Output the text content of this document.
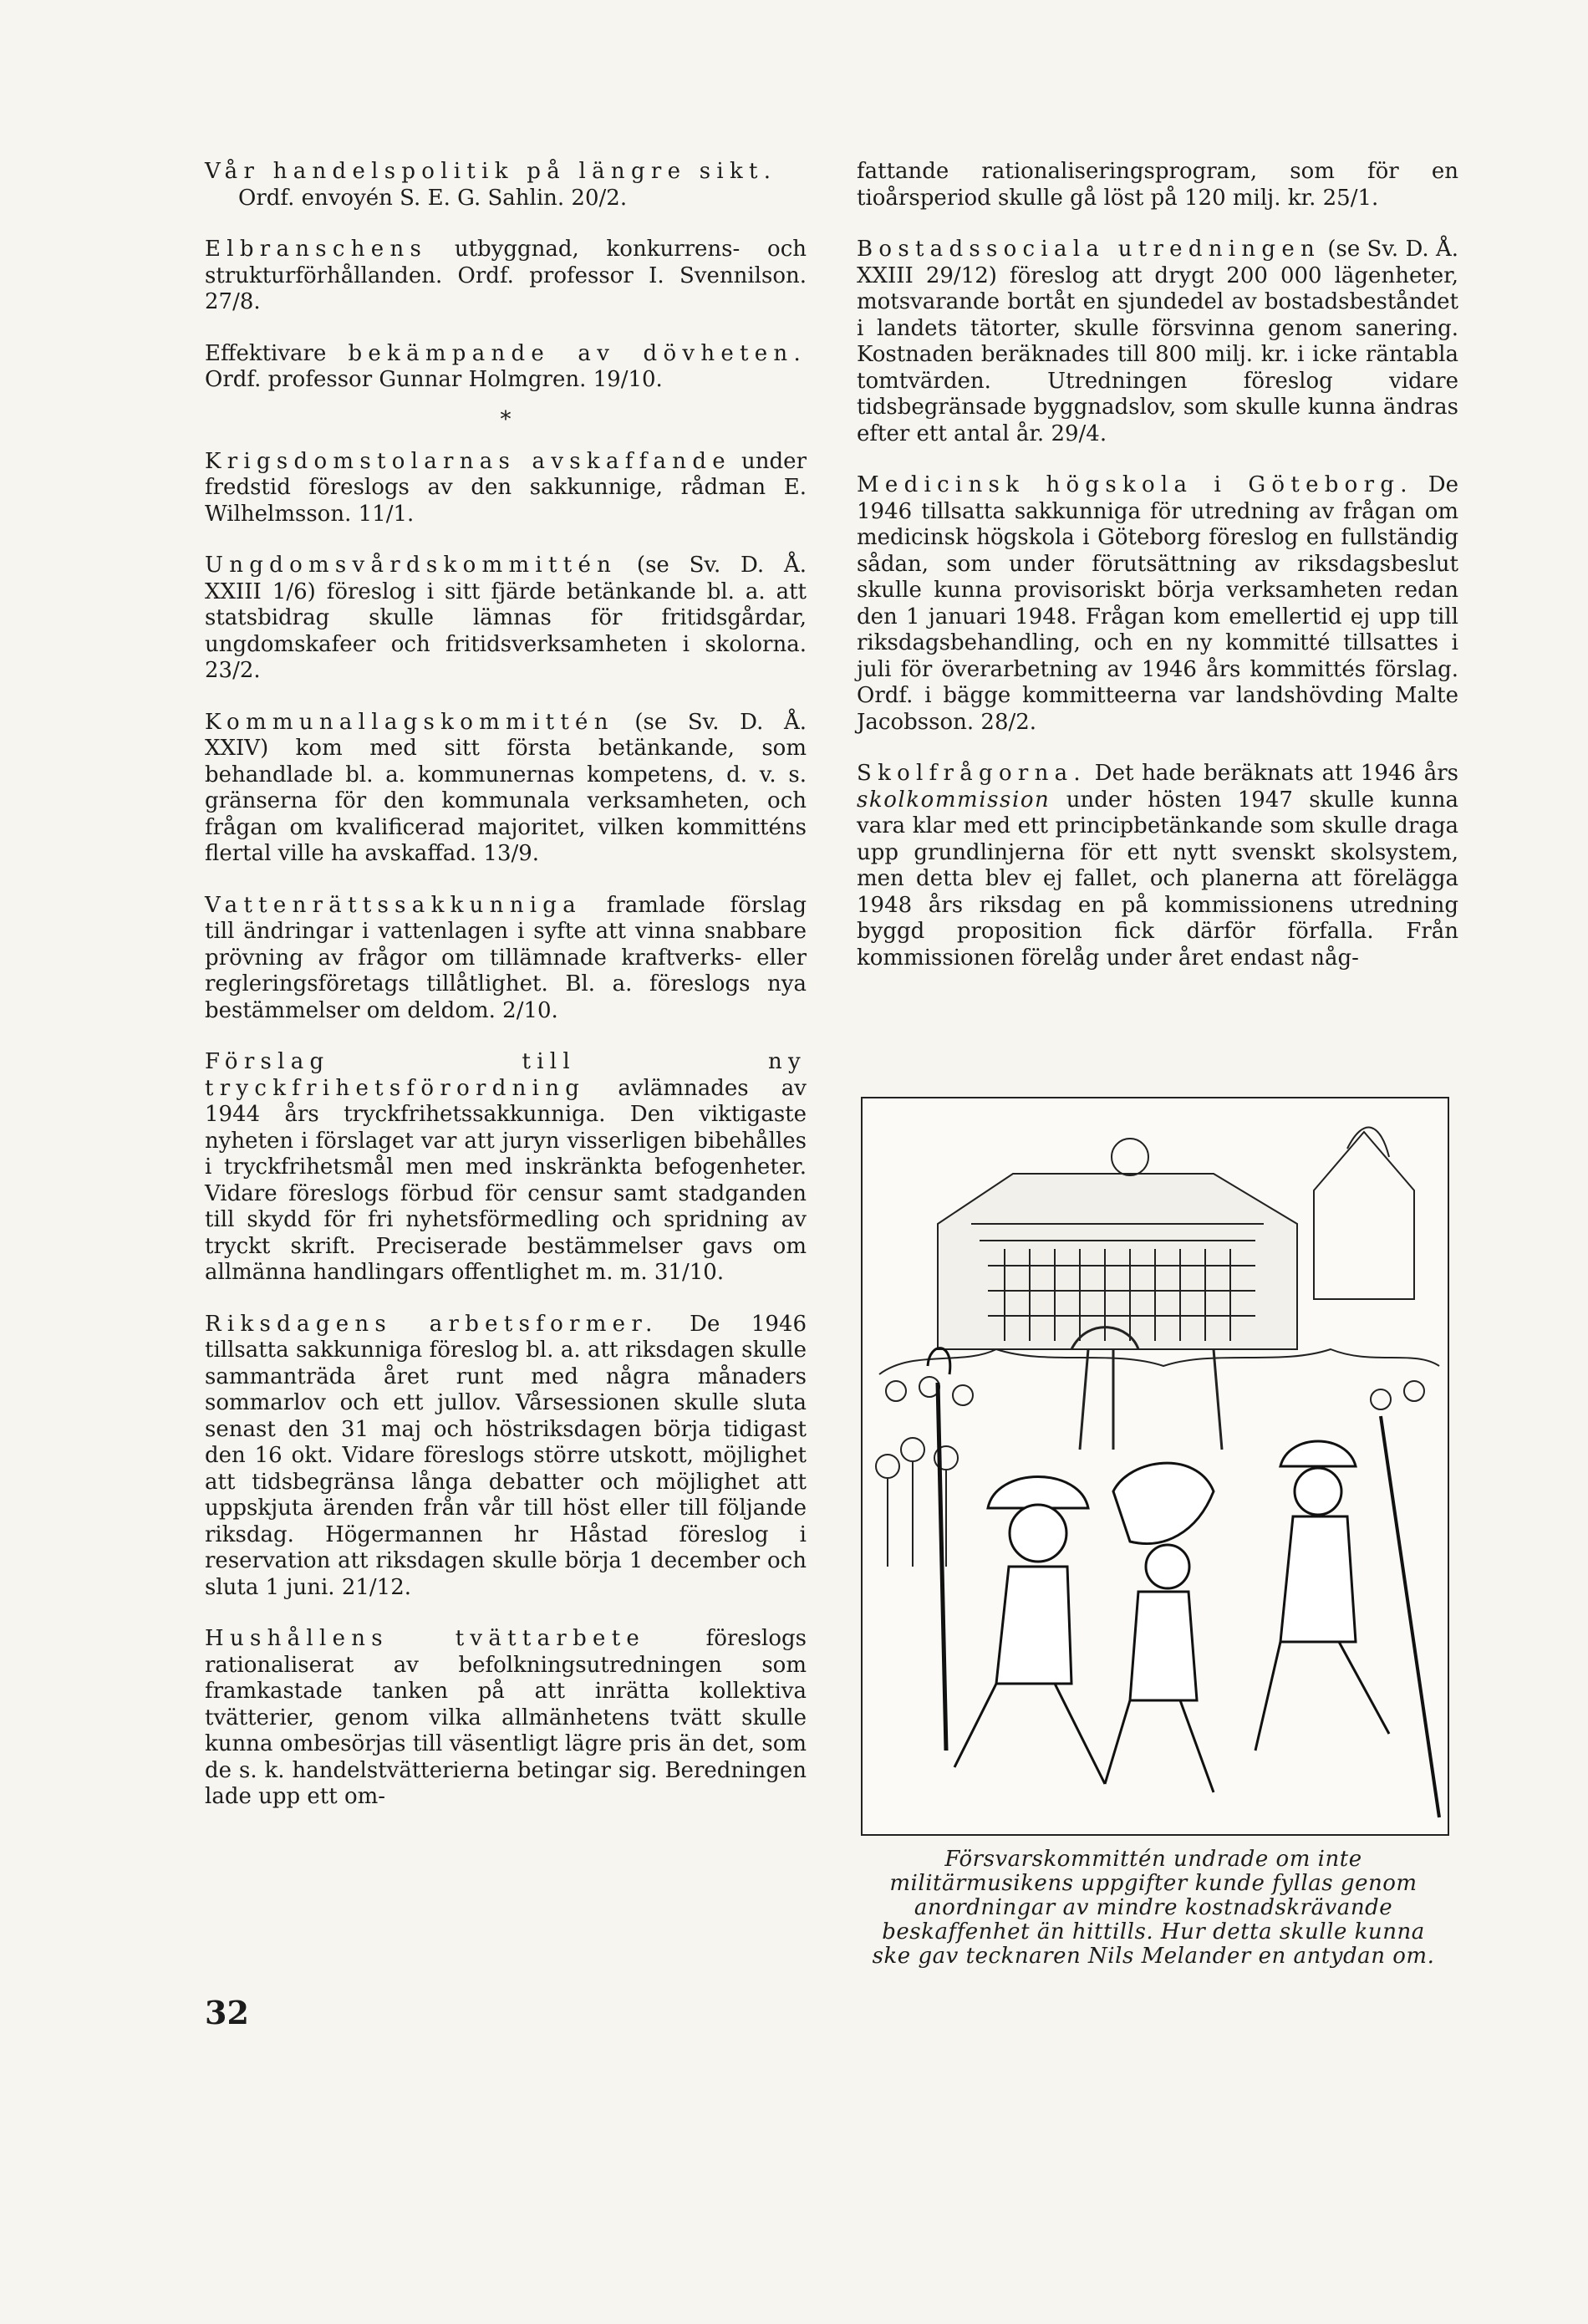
Vår handelspolitik på längre sikt.
Ordf. envoyén S. E. G. Sahlin. 20/2.

Elbranschens utbyggnad, konkurrens- och strukturförhållanden. Ordf. professor I. Svennilson. 27/8.

Effektivare bekämpande av dövheten. Ordf. professor Gunnar Holmgren. 19/10.

*

Krigsdomstolarnas avskaffande under fredstid föreslogs av den sakkunnige, rådman E. Wilhelmsson. 11/1.

Ungdomsvårdskommittén (se Sv. D. Å. XXIII 1/6) föreslog i sitt fjärde betänkande bl. a. att statsbidrag skulle lämnas för fritidsgårdar, ungdomskafeer och fritidsverksamheten i skolorna. 23/2.

Kommunallagskommittén (se Sv. D. Å. XXIV) kom med sitt första betänkande, som behandlade bl. a. kommunernas kompetens, d. v. s. gränserna för den kommunala verksamheten, och frågan om kvalificerad majoritet, vilken kommitténs flertal ville ha avskaffad. 13/9.

Vattenrättssakkunniga framlade förslag till ändringar i vattenlagen i syfte att vinna snabbare prövning av frågor om tillämnade kraftverks- eller regleringsföretags tillåtlighet. Bl. a. föreslogs nya bestämmelser om deldom. 2/10.

Förslag till ny tryckfrihetsförordning avlämnades av 1944 års tryckfrihetssakkunniga. Den viktigaste nyheten i förslaget var att juryn visserligen bibehålles i tryckfrihetsmål men med inskränkta befogenheter. Vidare föreslogs förbud för censur samt stadganden till skydd för fri nyhetsförmedling och spridning av tryckt skrift. Preciserade bestämmelser gavs om allmänna handlingars offentlighet m. m. 31/10.

Riksdagens arbetsformer. De 1946 tillsatta sakkunniga föreslog bl. a. att riksdagen skulle sammanträda året runt med några månaders sommarlov och ett jullov. Vårsessionen skulle sluta senast den 31 maj och höstriksdagen börja tidigast den 16 okt. Vidare föreslogs större utskott, möjlighet att tidsbegränsa långa debatter och möjlighet att uppskjuta ärenden från vår till höst eller till följande riksdag. Högermannen hr Håstad föreslog i reservation att riksdagen skulle börja 1 december och sluta 1 juni. 21/12.

Hushållens tvättarbete	föreslogs rationaliserat av befolkningsutredningen som framkastade tanken på att inrätta kollektiva tvätterier, genom vilka allmänhetens tvätt skulle kunna ombesörjas till väsentligt lägre pris än det, som de s. k. handelstvätterierna betingar sig. Beredningen lade upp ett om-

fattande rationaliseringsprogram, som för en tioårsperiod skulle gå löst på 120 milj. kr. 25/1.

Bostadssociala utredningen (se Sv. D. Å. XXIII 29/12) föreslog att drygt 200 000 lägenheter, motsvarande bortåt en sjundedel av bostadsbeståndet i landets tätorter, skulle försvinna genom sanering. Kostnaden beräknades till 800 milj. kr. i icke räntabla tomtvärden. Utredningen föreslog vidare tidsbegränsade byggnadslov, som skulle kunna ändras efter ett antal år. 29/4.

Medicinsk högskola i Göteborg. De 1946 tillsatta sakkunniga för utredning av frågan om medicinsk högskola i Göteborg föreslog en fullständig sådan, som under förutsättning av riksdagsbeslut skulle kunna provisoriskt börja verksamheten redan den 1 januari 1948. Frågan kom emellertid ej upp till riksdagsbehandling, och en ny kommitté tillsattes i juli för överarbetning av 1946 års kommittés förslag. Ordf. i bägge kommitteerna var landshövding Malte Jacobsson. 28/2.

Skolfrågorna. Det hade beräknats att 1946 års skolkommission under hösten 1947 skulle kunna vara klar med ett principbetänkande som skulle draga upp grundlinjerna för ett nytt svenskt skolsystem, men detta blev ej fallet, och planerna att förelägga 1948 års riksdag en på kommissionens utredning byggd proposition fick därför förfalla. Från kommissionen förelåg under året endast någ-

Försvarskommittén undrade om inte militärmusikens uppgifter kunde fyllas genom anordningar av mindre kostnadskrävande beskaffenhet än hittills. Hur detta skulle kunna ske gav tecknaren Nils Melander en antydan om.
32
